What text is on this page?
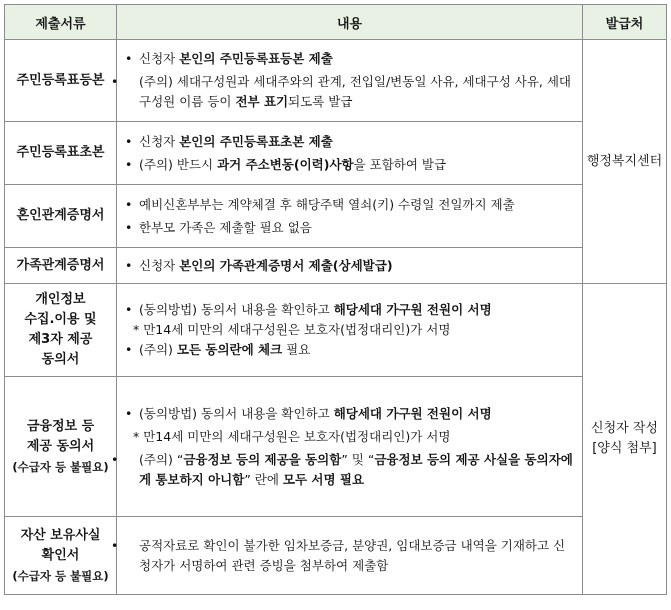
제출서류	내용	발급처
주민등록표등본	• 신청자 본인의 주민등록표등본 제출
• (주의) 세대구성원과 세대주와의 관계, 전입일/변동일 사유, 세대구성 사유, 세대구성원 이름 등이 전부 표기되도록 발급	행정복지센터
주민등록표초본	• 신청자 본인의 주민등록표초본 제출
• (주의) 반드시 과거 주소변동(이력)사항을 포함하여 발급	

혼인관계증명서	• 예비신혼부부는 계약체결 후 해당주택 열쇠(키) 수령일 전일까지 제출
• 한부모 가족은 제출할 필요 없음	

가족관계증명서	• 신청자 본인의 가족관계증명서 제출(상세발급)	

개인정보
수집.이용 및
제3자 제공
동의서	• (동의방법) 동의서 내용을 확인하고 해당세대 가구원 전원이 서명
* 만14세 미만의 세대구성원은 보호자(법정대리인)가 서명
• (주의) 모든 동의란에 체크 필요	신청자 작성
[양식 첨부]

금융정보 등
제공 동의서
(수급자 등 불필요)	• (동의방법) 동의서 내용을 확인하고 해당세대 가구원 전원이 서명
* 만14세 미만의 세대구성원은 보호자(법정대리인)가 서명
• (주의) “금융정보 등의 제공을 동의함” 및 “금융정보 등의 제공 사실을 동의자에게 통보하지 아니함” 란에 모두 서명 필요	

자산 보유사실
확인서
(수급자 등 불필요)	• 공적자료로 확인이 불가한 임차보증금, 분양권, 임대보증금 내역을 기재하고 신청자가 서명하여 관련 증빙을 첨부하여 제출함	
